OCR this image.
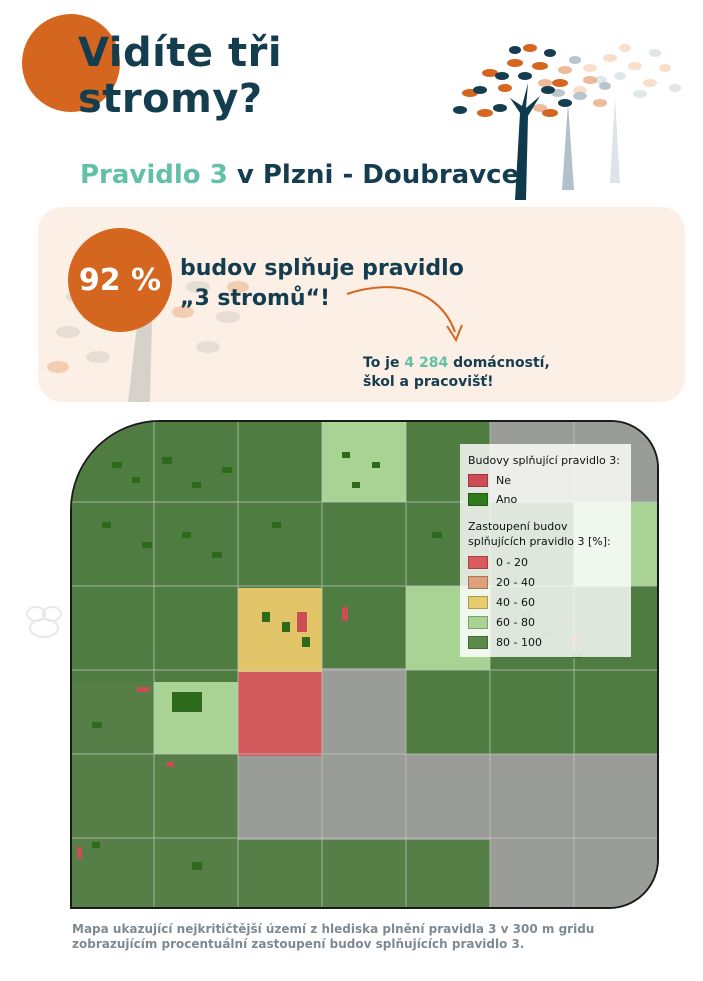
Vidíte tři
stromy?
Pravidlo 3 v Plzni - Doubravce
92 % budov splňuje pravidlo
„3 stromů“!
To je 4 284 domácností,
škol a pracovišť!
Budovy splňující pravidlo 3:
Ne
Ano
Zastoupení budov
splňujících pravidlo 3 [%]:
0 - 20
20 - 40
40 - 60
60 - 80
80 - 100
Mapa ukazující nejkritičtější území z hlediska plnění pravidla 3 v 300 m gridu zobrazujícím procentuální zastoupení budov splňujících pravidlo 3.
